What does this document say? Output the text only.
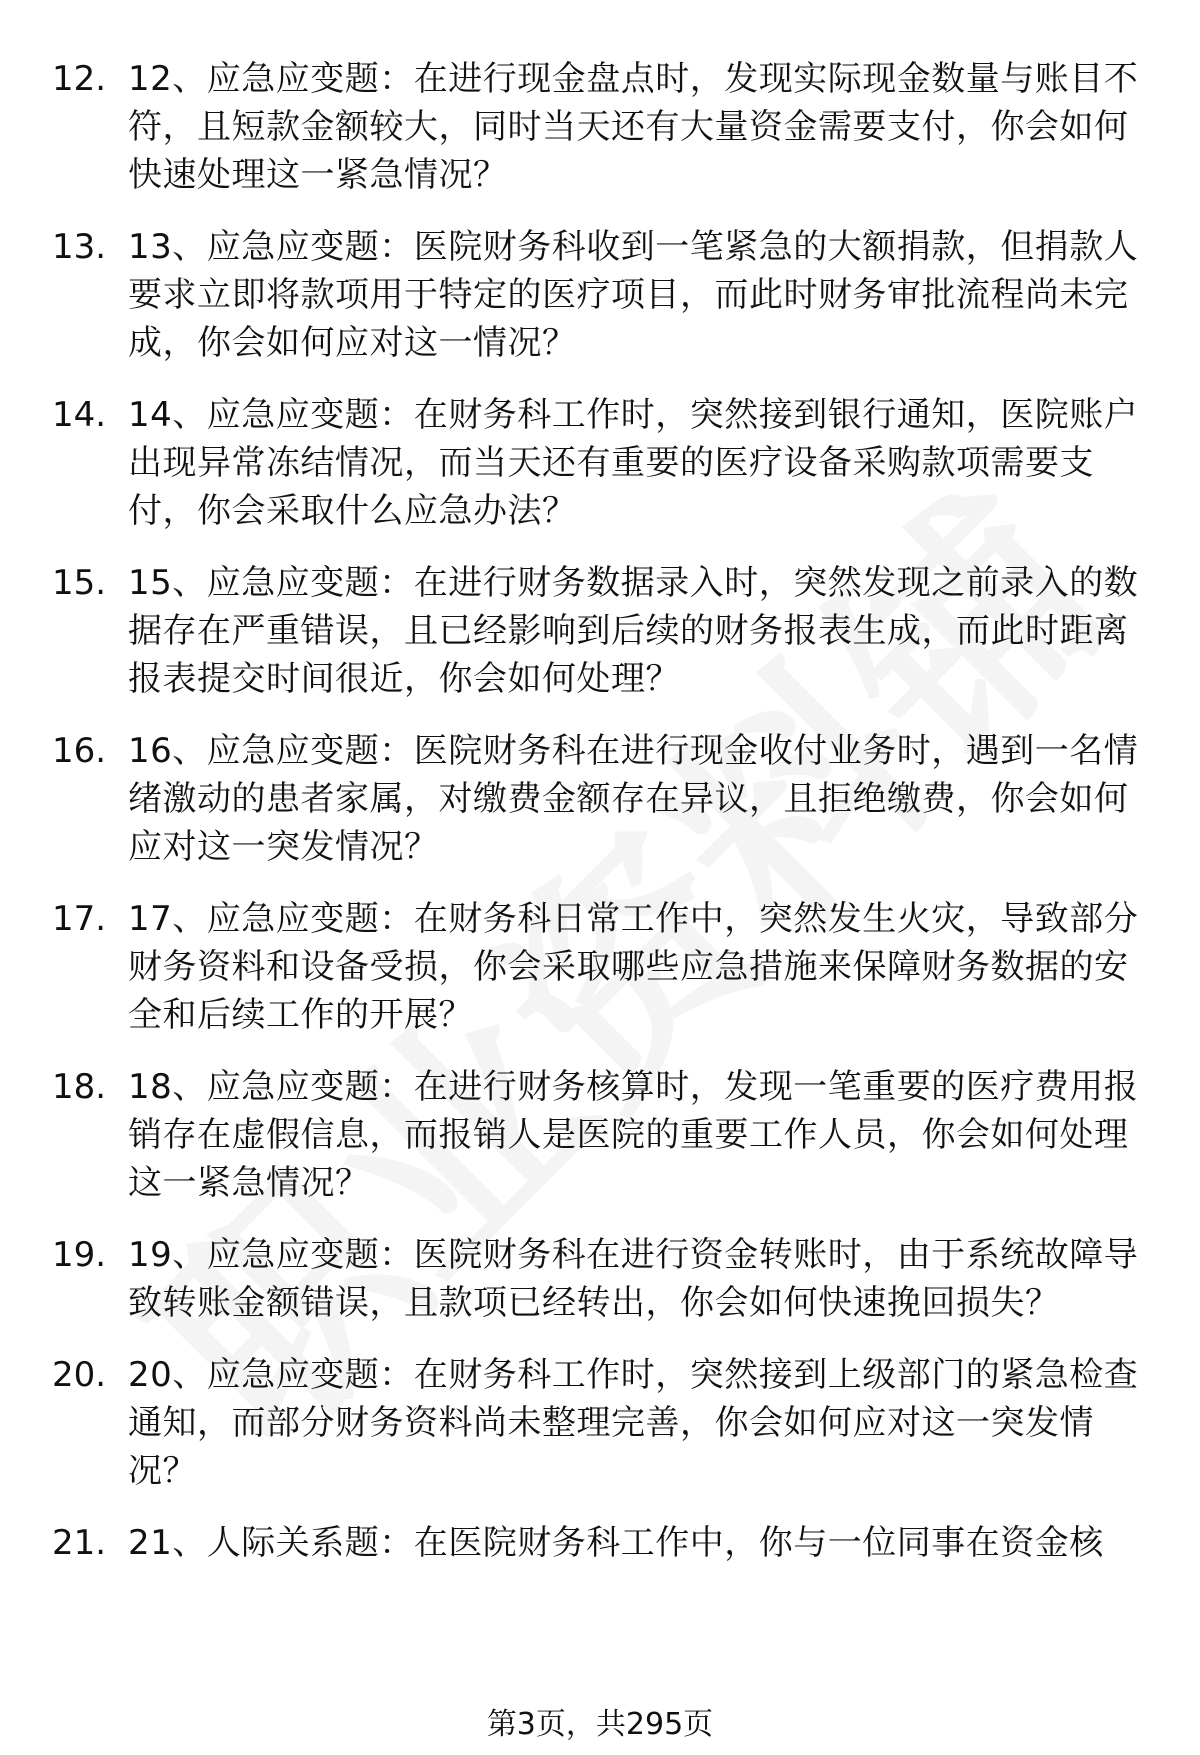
12. 12、应急应变题：在进行现金盘点时，发现实际现金数量与账目不符，且短款金额较大，同时当天还有大量资金需要支付，你会如何快速处理这一紧急情况？
13. 13、应急应变题：医院财务科收到一笔紧急的大额捐款，但捐款人要求立即将款项用于特定的医疗项目，而此时财务审批流程尚未完成，你会如何应对这一情况？
14. 14、应急应变题：在财务科工作时，突然接到银行通知，医院账户出现异常冻结情况，而当天还有重要的医疗设备采购款项需要支付，你会采取什么应急办法？
15. 15、应急应变题：在进行财务数据录入时，突然发现之前录入的数据存在严重错误，且已经影响到后续的财务报表生成，而此时距离报表提交时间很近，你会如何处理？
16. 16、应急应变题：医院财务科在进行现金收付业务时，遇到一名情绪激动的患者家属，对缴费金额存在异议，且拒绝缴费，你会如何应对这一突发情况？
17. 17、应急应变题：在财务科日常工作中，突然发生火灾，导致部分财务资料和设备受损，你会采取哪些应急措施来保障财务数据的安全和后续工作的开展？
18. 18、应急应变题：在进行财务核算时，发现一笔重要的医疗费用报销存在虚假信息，而报销人是医院的重要工作人员，你会如何处理这一紧急情况？
19. 19、应急应变题：医院财务科在进行资金转账时，由于系统故障导致转账金额错误，且款项已经转出，你会如何快速挽回损失？
20. 20、应急应变题：在财务科工作时，突然接到上级部门的紧急检查通知，而部分财务资料尚未整理完善，你会如何应对这一突发情况？
21. 21、人际关系题：在医院财务科工作中，你与一位同事在资金核
第3页，共295页
